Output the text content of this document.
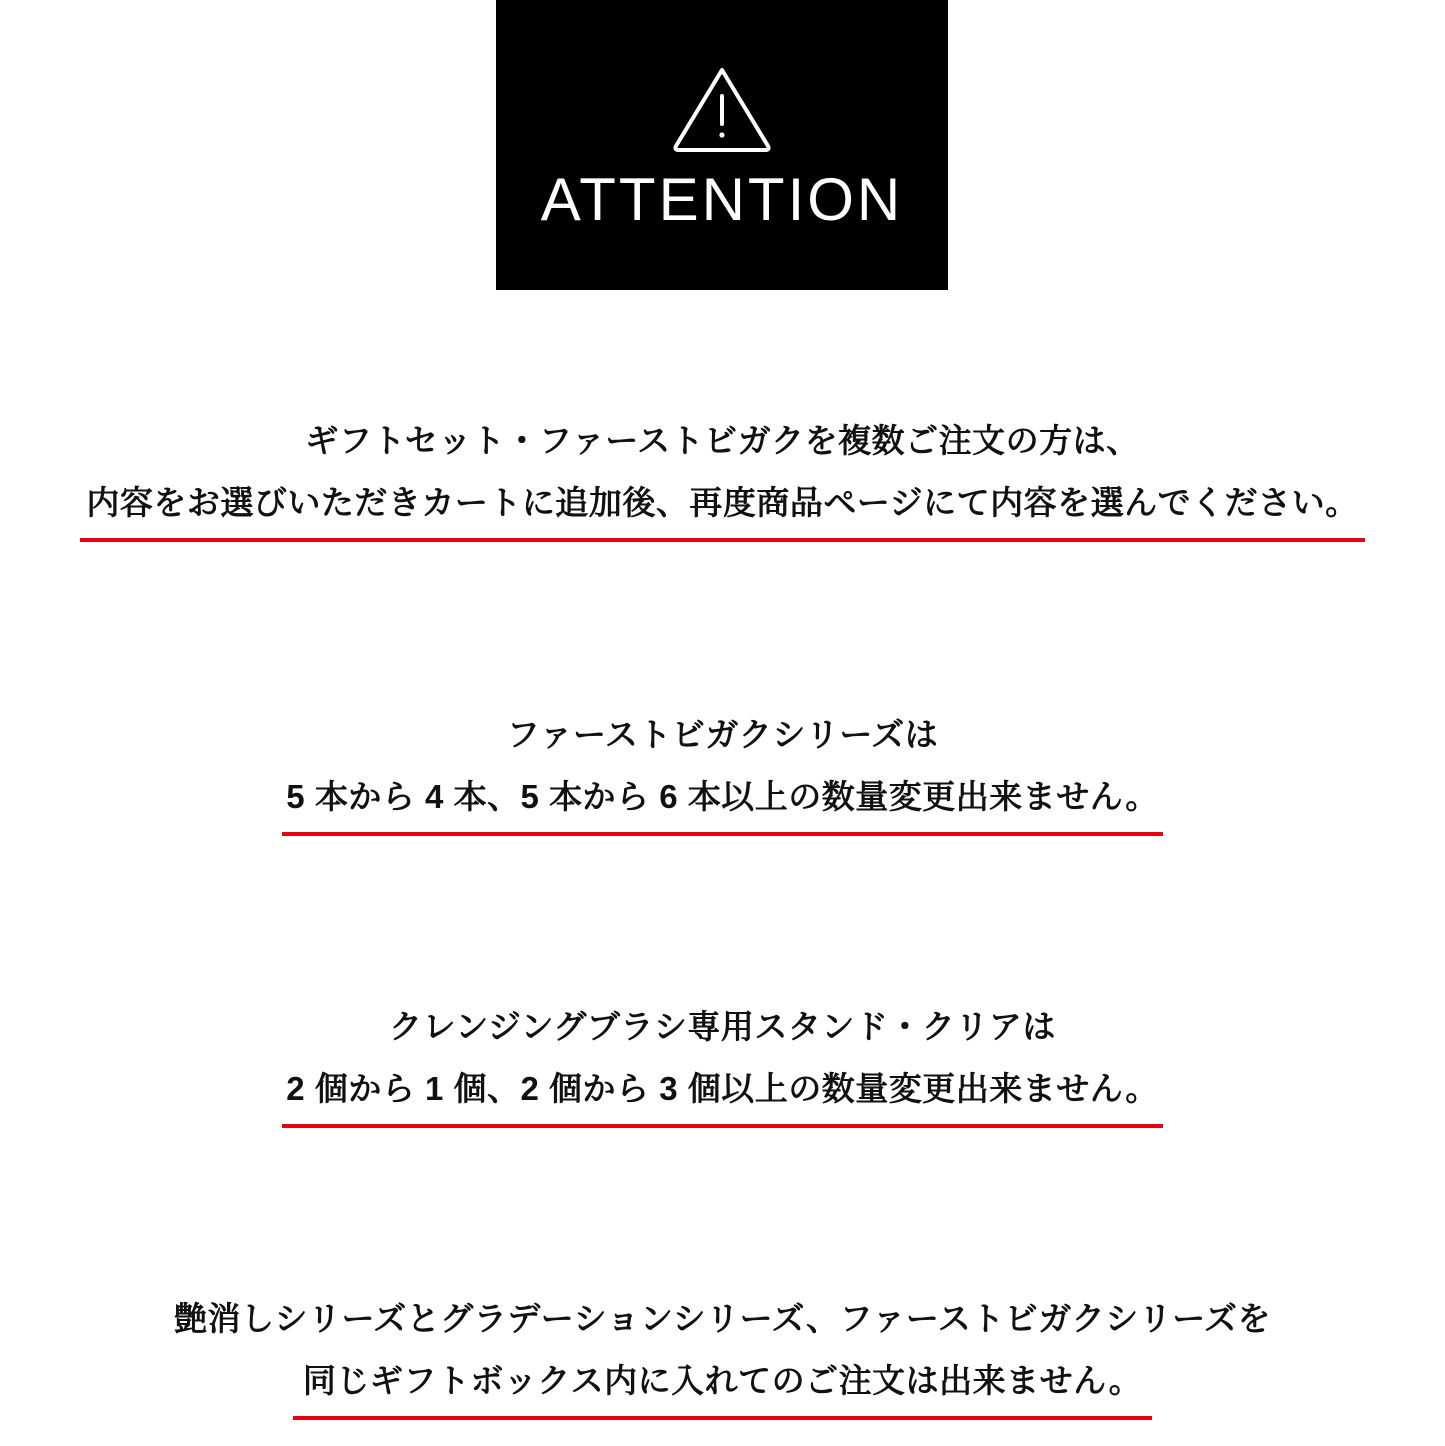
ATTENTION
ギフトセット・ファーストビガクを複数ご注文の方は、
内容をお選びいただきカートに追加後、再度商品ページにて内容を選んでください。
ファーストビガクシリーズは
5 本から 4 本、5 本から 6 本以上の数量変更出来ません。
クレンジングブラシ専用スタンド・クリアは
2 個から 1 個、2 個から 3 個以上の数量変更出来ません。
艶消しシリーズとグラデーションシリーズ、ファーストビガクシリーズを
同じギフトボックス内に入れてのご注文は出来ません。
